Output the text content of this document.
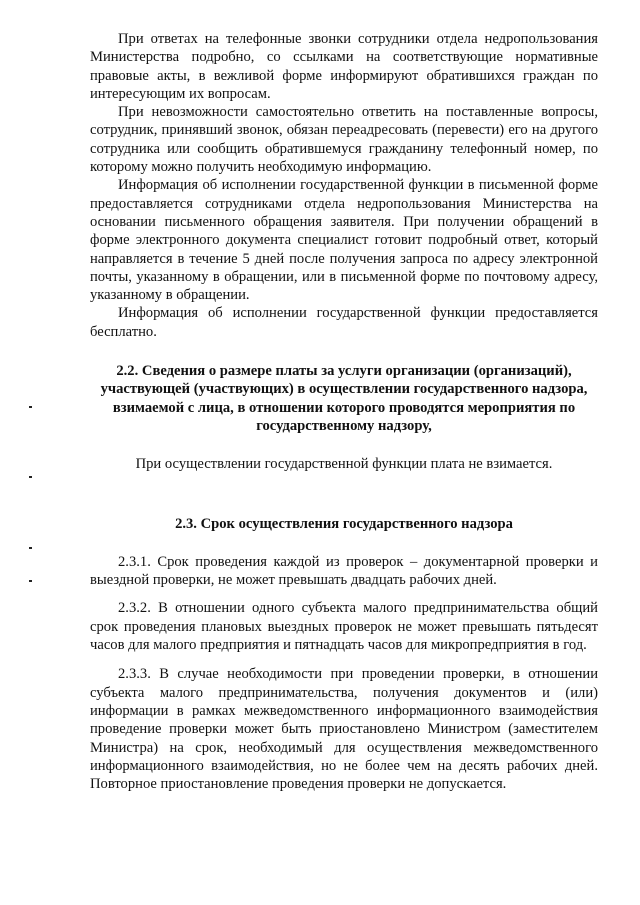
При ответах на телефонные звонки сотрудники отдела недропользования Министерства подробно, со ссылками на соответствующие нормативные правовые акты, в вежливой форме информируют обратившихся граждан по интересующим их вопросам.

При невозможности самостоятельно ответить на поставленные вопросы, сотрудник, принявший звонок, обязан переадресовать (перевести) его на другого сотрудника или сообщить обратившемуся гражданину телефонный номер, по которому можно получить необходимую информацию.

Информация об исполнении государственной функции в письменной форме предоставляется сотрудниками отдела недропользования Министерства на основании письменного обращения заявителя. При получении обращений в форме электронного документа специалист готовит подробный ответ, который направляется в течение 5 дней после получения запроса по адресу электронной почты, указанному в обращении, или в письменной форме по почтовому адресу, указанному в обращении.

Информация об исполнении государственной функции предоставляется бесплатно.

2.2. Сведения о размере платы за услуги организации (организаций), участвующей (участвующих) в осуществлении государственного надзора, взимаемой с лица, в отношении которого проводятся мероприятия по государственному надзору,

При осуществлении государственной функции плата не взимается.

2.3. Срок осуществления государственного надзора

2.3.1. Срок проведения каждой из проверок – документарной проверки и выездной проверки, не может превышать двадцать рабочих дней.

2.3.2. В отношении одного субъекта малого предпринимательства общий срок проведения плановых выездных проверок не может превышать пятьдесят часов для малого предприятия и пятнадцать часов для микропредприятия в год.

2.3.3. В случае необходимости при проведении проверки, в отношении субъекта малого предпринимательства, получения документов и (или) информации в рамках межведомственного информационного взаимодействия проведение проверки может быть приостановлено Министром (заместителем Министра) на срок, необходимый для осуществления межведомственного информационного взаимодействия, но не более чем на десять рабочих дней. Повторное приостановление проведения проверки не допускается.
